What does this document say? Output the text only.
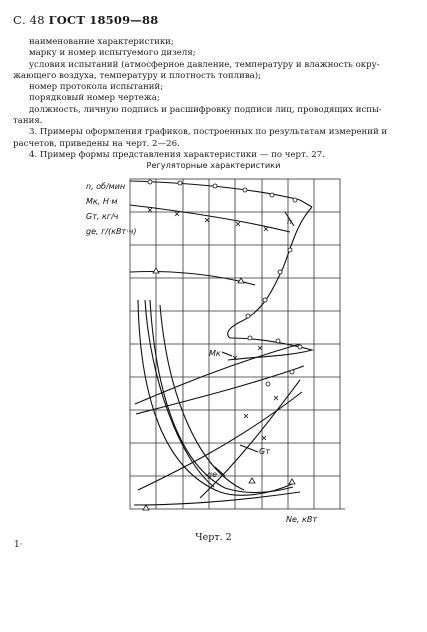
С. 48 ГОСТ 18509—88

наименование характеристики;

марку и номер испытуемого дизеля;

условия испытаний (атмосферное давление, температуру и влажность окру-

жающего воздуха, температуру и плотность топлива);

номер протокола испытаний;

порядковый номер чертежа;

должность, личную подпись и расшифровку подписи лиц, проводящих испы-

тания.

3. Примеры оформления графиков, построенных по результатам измерений и

расчетов, приведены на черт. 2—26.

4. Пример формы представления характеристики — по черт. 27.

Регуляторные характеристики
n, об/мин
Мк, Н·м
Gт, кг/ч
ge, г/(кВт·ч)
Ne, кВт
n
Мк
Gт
ge
Черт. 2
1·
